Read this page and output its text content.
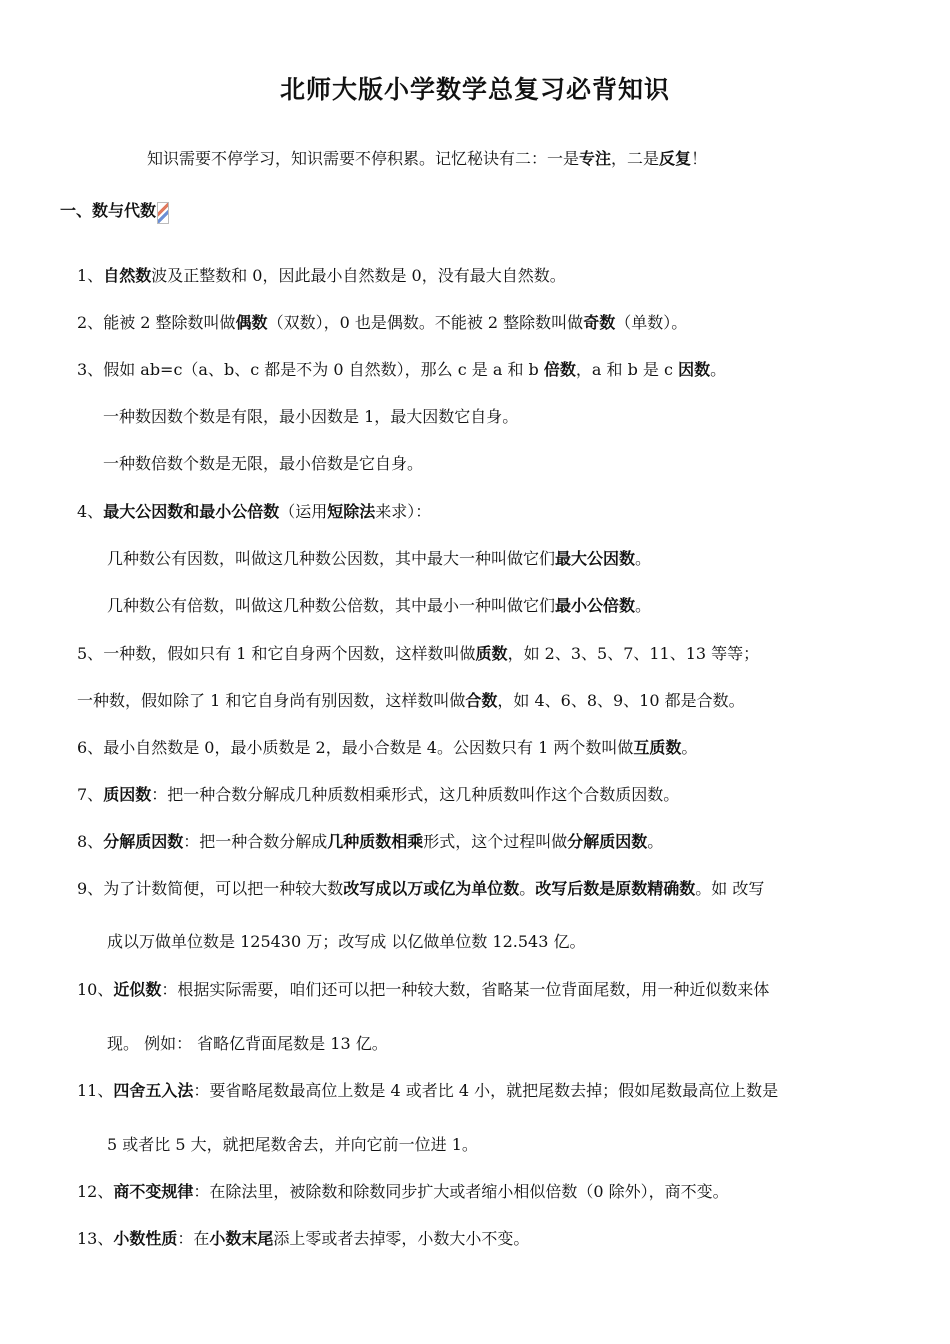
北师大版小学数学总复习必背知识
知识需要不停学习，知识需要不停积累。记忆秘诀有二：一是专注，二是反复！
一、数与代数
1、自然数波及正整数和 0，因此最小自然数是 0，没有最大自然数。
2、能被 2 整除数叫做偶数（双数），0 也是偶数。不能被 2 整除数叫做奇数（单数）。
3、假如 ab=c（a、b、c 都是不为 0 自然数），那么 c 是 a 和 b 倍数，a 和 b 是 c 因数。
一种数因数个数是有限，最小因数是 1，最大因数它自身。
一种数倍数个数是无限，最小倍数是它自身。
4、最大公因数和最小公倍数（运用短除法来求）：
几种数公有因数，叫做这几种数公因数，其中最大一种叫做它们最大公因数。
几种数公有倍数，叫做这几种数公倍数，其中最小一种叫做它们最小公倍数。
5、一种数，假如只有 1 和它自身两个因数，这样数叫做质数，如 2、3、5、7、11、13 等等；
一种数，假如除了 1 和它自身尚有别因数，这样数叫做合数，如 4、6、8、9、10 都是合数。
6、最小自然数是 0，最小质数是 2，最小合数是 4。公因数只有 1 两个数叫做互质数。
7、质因数：把一种合数分解成几种质数相乘形式，这几种质数叫作这个合数质因数。
8、分解质因数：把一种合数分解成几种质数相乘形式，这个过程叫做分解质因数。
9、为了计数简便，可以把一种较大数改写成以万或亿为单位数。改写后数是原数精确数。如 改写
成以万做单位数是 125430 万；改写成 以亿做单位数 12.543 亿。
10、近似数：根据实际需要，咱们还可以把一种较大数，省略某一位背面尾数，用一种近似数来体
现。 例如： 省略亿背面尾数是 13 亿。
11、四舍五入法：要省略尾数最高位上数是 4 或者比 4 小，就把尾数去掉；假如尾数最高位上数是
5 或者比 5 大，就把尾数舍去，并向它前一位进 1。
12、商不变规律：在除法里，被除数和除数同步扩大或者缩小相似倍数（0 除外），商不变。
13、小数性质：在小数末尾添上零或者去掉零，小数大小不变。
